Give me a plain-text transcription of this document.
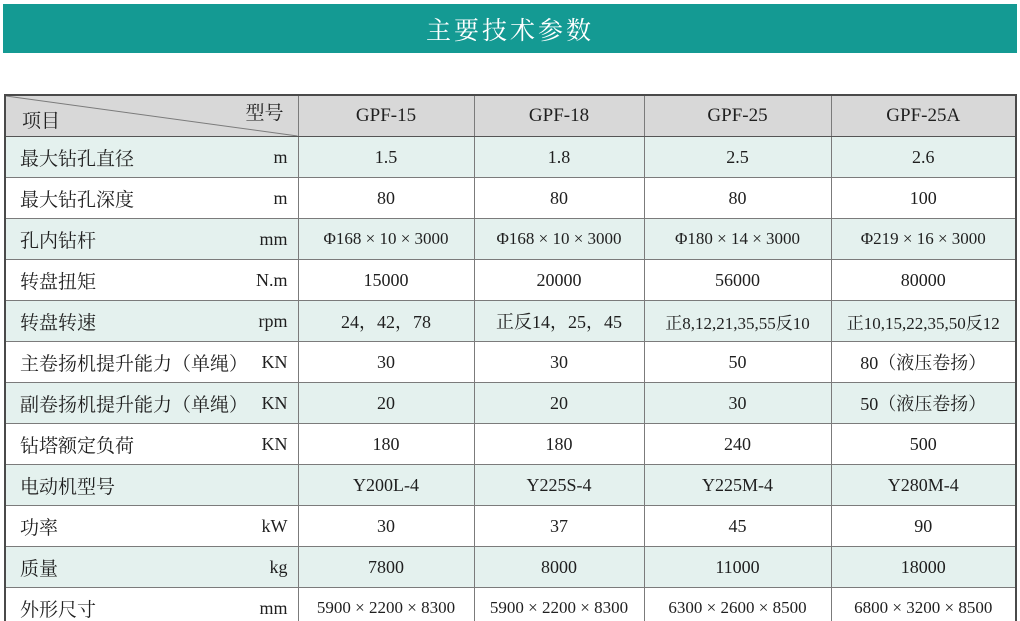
主要技术参数
项目 型号	GPF-15	GPF-18	GPF-25	GPF-25A

最大钻孔直径 m	1.5	1.8	2.5	2.6

最大钻孔深度 m	80	80	80	100

孔内钻杆 mm	Φ168 × 10 × 3000	Φ168 × 10 × 3000	Φ180 × 14 × 3000	Φ219 × 16 × 3000

转盘扭矩 N.m	15000	20000	56000	80000

转盘转速 rpm	24，42，78	正反14，25，45	正8,12,21,35,55反10	正10,15,22,35,50反12

主卷扬机提升能力（单绳） KN	30	30	50	80（液压卷扬）

副卷扬机提升能力（单绳） KN	20	20	30	50（液压卷扬）

钻塔额定负荷 KN	180	180	240	500

电动机型号	Y200L-4	Y225S-4	Y225M-4	Y280M-4

功率 kW	30	37	45	90

质量 kg	7800	8000	11000	18000

外形尺寸 mm	5900 × 2200 × 8300	5900 × 2200 × 8300	6300 × 2600 × 8500	6800 × 3200 × 8500
